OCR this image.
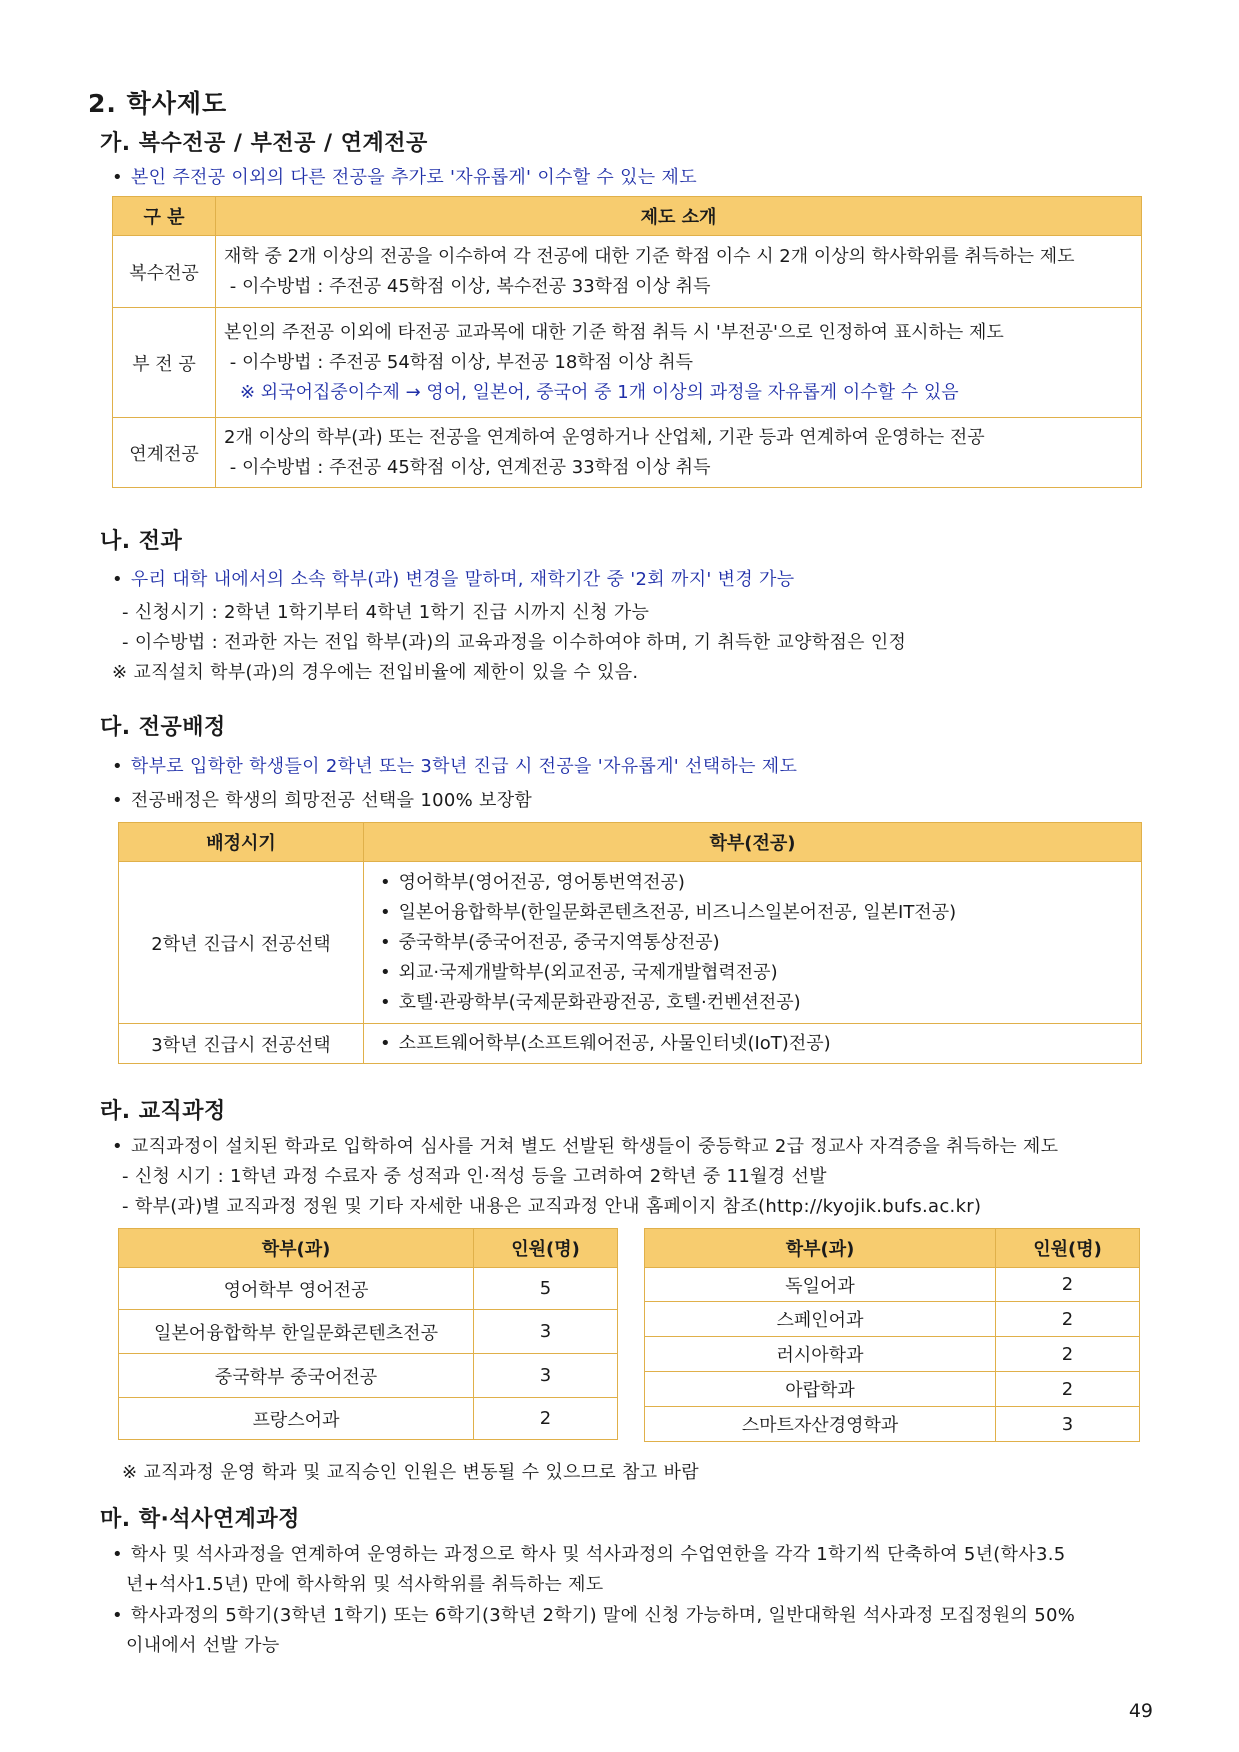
2. 학사제도
가. 복수전공 / 부전공 / 연계전공
• 본인 주전공 이외의 다른 전공을 추가로 '자유롭게' 이수할 수 있는 제도
구 분	제도 소개
복수전공	재학 중 2개 이상의 전공을 이수하여 각 전공에 대한 기준 학점 이수 시 2개 이상의 학사학위를 취득하는 제도
- 이수방법 : 주전공 45학점 이상, 복수전공 33학점 이상 취득

부 전 공	본인의 주전공 이외에 타전공 교과목에 대한 기준 학점 취득 시 '부전공'으로 인정하여 표시하는 제도
- 이수방법 : 주전공 54학점 이상, 부전공 18학점 이상 취득
※ 외국어집중이수제 → 영어, 일본어, 중국어 중 1개 이상의 과정을 자유롭게 이수할 수 있음

연계전공	2개 이상의 학부(과) 또는 전공을 연계하여 운영하거나 산업체, 기관 등과 연계하여 운영하는 전공
- 이수방법 : 주전공 45학점 이상, 연계전공 33학점 이상 취득
나. 전과
• 우리 대학 내에서의 소속 학부(과) 변경을 말하며, 재학기간 중 '2회 까지' 변경 가능
- 신청시기 : 2학년 1학기부터 4학년 1학기 진급 시까지 신청 가능
- 이수방법 : 전과한 자는 전입 학부(과)의 교육과정을 이수하여야 하며, 기 취득한 교양학점은 인정
※ 교직설치 학부(과)의 경우에는 전입비율에 제한이 있을 수 있음.
다. 전공배정
• 학부로 입학한 학생들이 2학년 또는 3학년 진급 시 전공을 '자유롭게' 선택하는 제도
• 전공배정은 학생의 희망전공 선택을 100% 보장함
배정시기	학부(전공)
2학년 진급시 전공선택	• 영어학부(영어전공, 영어통번역전공)
• 일본어융합학부(한일문화콘텐츠전공, 비즈니스일본어전공, 일본IT전공)
• 중국학부(중국어전공, 중국지역통상전공)
• 외교·국제개발학부(외교전공, 국제개발협력전공)
• 호텔·관광학부(국제문화관광전공, 호텔·컨벤션전공)

3학년 진급시 전공선택	• 소프트웨어학부(소프트웨어전공, 사물인터넷(IoT)전공)
라. 교직과정
• 교직과정이 설치된 학과로 입학하여 심사를 거쳐 별도 선발된 학생들이 중등학교 2급 정교사 자격증을 취득하는 제도
- 신청 시기 : 1학년 과정 수료자 중 성적과 인·적성 등을 고려하여 2학년 중 11월경 선발
- 학부(과)별 교직과정 정원 및 기타 자세한 내용은 교직과정 안내 홈페이지 참조(http://kyojik.bufs.ac.kr)
학부(과)	인원(명)
영어학부 영어전공	5
일본어융합학부 한일문화콘텐츠전공	3
중국학부 중국어전공	3
프랑스어과	2
학부(과)	인원(명)
독일어과	2
스페인어과	2
러시아학과	2
아랍학과	2
스마트자산경영학과	3
※ 교직과정 운영 학과 및 교직승인 인원은 변동될 수 있으므로 참고 바람
마. 학·석사연계과정
• 학사 및 석사과정을 연계하여 운영하는 과정으로 학사 및 석사과정의 수업연한을 각각 1학기씩 단축하여 5년(학사3.5
년+석사1.5년) 만에 학사학위 및 석사학위를 취득하는 제도
• 학사과정의 5학기(3학년 1학기) 또는 6학기(3학년 2학기) 말에 신청 가능하며, 일반대학원 석사과정 모집정원의 50%
이내에서 선발 가능
49
